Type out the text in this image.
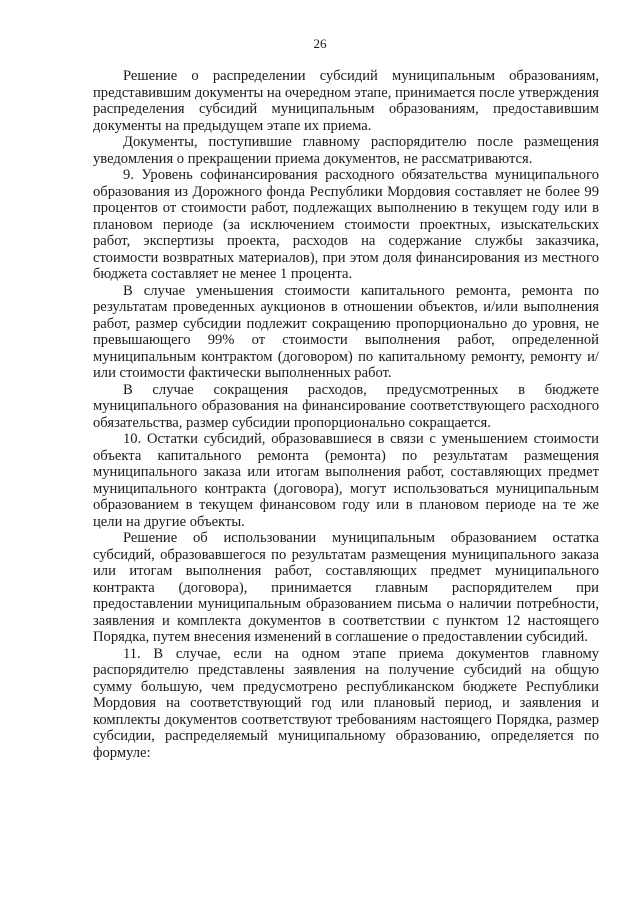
26

Решение о распределении субсидий муниципальным образованиям, представившим документы на очередном этапе, принимается после утверждения распределения субсидий муниципальным образованиям, предоставившим документы на предыдущем этапе их приема.

Документы, поступившие главному распорядителю после размещения уведомления о прекращении приема документов, не рассматриваются.

9. Уровень софинансирования расходного обязательства муниципального образования из Дорожного фонда Республики Мордовия составляет не более 99 процентов от стоимости работ, подлежащих выполнению в текущем году или в плановом периоде (за исключением стоимости проектных, изыскательских работ, экспертизы проекта, расходов на содержание службы заказчика, стоимости возвратных материалов), при этом доля финансирования из местного бюджета составляет не менее 1 процента.

В случае уменьшения стоимости капитального ремонта, ремонта по результатам проведенных аукционов в отношении объектов, и/или выполнения работ, размер субсидии подлежит сокращению пропорционально до уровня, не превышающего 99% от стоимости выполнения работ, определенной муниципальным контрактом (договором) по капитальному ремонту, ремонту и/или стоимости фактически выполненных работ.

В случае сокращения расходов, предусмотренных в бюджете муниципального образования на финансирование соответствующего расходного обязательства, размер субсидии пропорционально сокращается.

10. Остатки субсидий, образовавшиеся в связи с уменьшением стоимости объекта капитального ремонта (ремонта) по результатам размещения муниципального заказа или итогам выполнения работ, составляющих предмет муниципального контракта (договора), могут использоваться муниципальным образованием в текущем финансовом году или в плановом периоде на те же цели на другие объекты.

Решение об использовании муниципальным образованием остатка субсидий, образовавшегося по результатам размещения муниципального заказа или итогам выполнения работ, составляющих предмет муниципального контракта (договора), принимается главным распорядителем при предоставлении муниципальным образованием письма о наличии потребности, заявления и комплекта документов в соответствии с пунктом 12 настоящего Порядка, путем внесения изменений в соглашение о предоставлении субсидий.

11. В случае, если на одном этапе приема документов главному распорядителю представлены заявления на получение субсидий на общую сумму большую, чем предусмотрено республиканском бюджете Республики Мордовия на соответствующий год или плановый период, и заявления и комплекты документов соответствуют требованиям настоящего Порядка, размер субсидии, распределяемый муниципальному образованию, определяется по формуле:
